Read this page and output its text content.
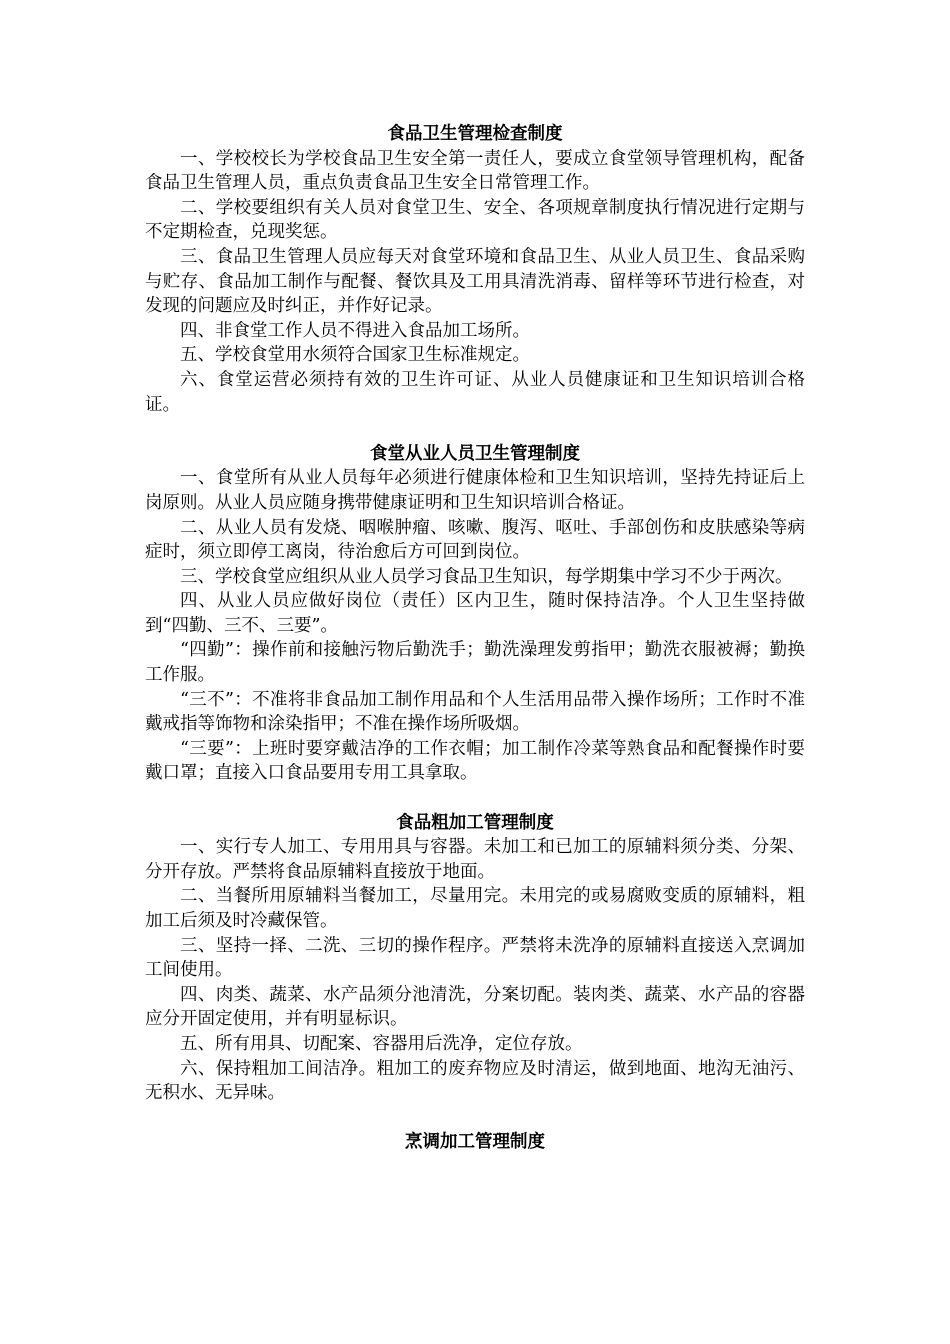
食品卫生管理检查制度

一、学校校长为学校食品卫生安全第一责任人，要成立食堂领导管理机构，配备食品卫生管理人员，重点负责食品卫生安全日常管理工作。

二、学校要组织有关人员对食堂卫生、安全、各项规章制度执行情况进行定期与不定期检查，兑现奖惩。

三、食品卫生管理人员应每天对食堂环境和食品卫生、从业人员卫生、食品采购与贮存、食品加工制作与配餐、餐饮具及工用具清洗消毒、留样等环节进行检查，对发现的问题应及时纠正，并作好记录。

四、非食堂工作人员不得进入食品加工场所。

五、学校食堂用水须符合国家卫生标准规定。

六、食堂运营必须持有效的卫生许可证、从业人员健康证和卫生知识培训合格证。

食堂从业人员卫生管理制度

一、食堂所有从业人员每年必须进行健康体检和卫生知识培训，坚持先持证后上岗原则。从业人员应随身携带健康证明和卫生知识培训合格证。

二、从业人员有发烧、咽喉肿瘤、咳嗽、腹泻、呕吐、手部创伤和皮肤感染等病症时，须立即停工离岗，待治愈后方可回到岗位。

三、学校食堂应组织从业人员学习食品卫生知识，每学期集中学习不少于两次。

四、从业人员应做好岗位（责任）区内卫生，随时保持洁净。个人卫生坚持做到“四勤、三不、三要”。

“四勤”：操作前和接触污物后勤洗手；勤洗澡理发剪指甲；勤洗衣服被褥；勤换工作服。

“三不”：不准将非食品加工制作用品和个人生活用品带入操作场所；工作时不准戴戒指等饰物和涂染指甲；不准在操作场所吸烟。

“三要”：上班时要穿戴洁净的工作衣帽；加工制作冷菜等熟食品和配餐操作时要戴口罩；直接入口食品要用专用工具拿取。

食品粗加工管理制度

一、实行专人加工、专用用具与容器。未加工和已加工的原辅料须分类、分架、分开存放。严禁将食品原辅料直接放于地面。

二、当餐所用原辅料当餐加工，尽量用完。未用完的或易腐败变质的原辅料，粗加工后须及时冷藏保管。

三、坚持一择、二洗、三切的操作程序。严禁将未洗净的原辅料直接送入烹调加工间使用。

四、肉类、蔬菜、水产品须分池清洗，分案切配。装肉类、蔬菜、水产品的容器应分开固定使用，并有明显标识。

五、所有用具、切配案、容器用后洗净，定位存放。

六、保持粗加工间洁净。粗加工的废弃物应及时清运，做到地面、地沟无油污、无积水、无异味。

烹调加工管理制度
